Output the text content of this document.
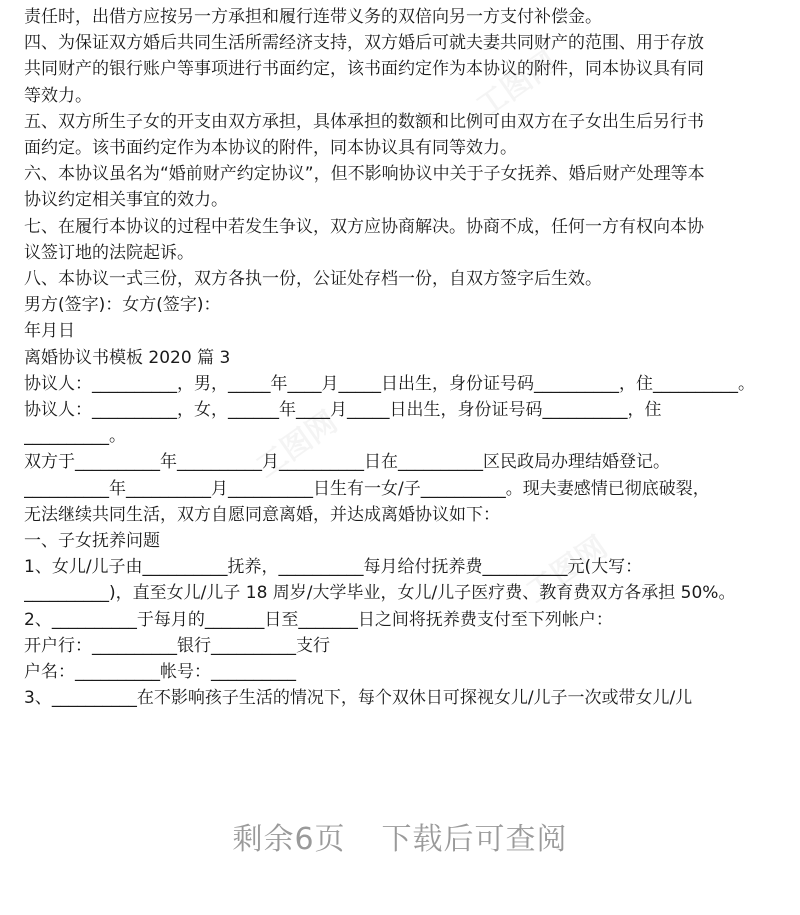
工图网
工图网
工图网
责任时，出借方应按另一方承担和履行连带义务的双倍向另一方支付补偿金。
四、为保证双方婚后共同生活所需经济支持，双方婚后可就夫妻共同财产的范围、用于存放
共同财产的银行账户等事项进行书面约定，该书面约定作为本协议的附件，同本协议具有同
等效力。
五、双方所生子女的开支由双方承担，具体承担的数额和比例可由双方在子女出生后另行书
面约定。该书面约定作为本协议的附件，同本协议具有同等效力。
六、本协议虽名为“婚前财产约定协议”，但不影响协议中关于子女抚养、婚后财产处理等本
协议约定相关事宜的效力。
七、在履行本协议的过程中若发生争议，双方应协商解决。协商不成，任何一方有权向本协
议签订地的法院起诉。
八、本协议一式三份，双方各执一份，公证处存档一份，自双方签字后生效。
男方(签字)：女方(签字)：
年月日
离婚协议书模板 2020 篇 3
协议人：__________，男，_____年____月_____日出生，身份证号码__________，住__________。
协议人：__________，女，______年____月_____日出生，身份证号码__________，住
__________。
双方于__________年__________月__________日在__________区民政局办理结婚登记。
__________年__________月__________日生有一女/子__________。现夫妻感情已彻底破裂，
无法继续共同生活，双方自愿同意离婚，并达成离婚协议如下：
一、子女抚养问题
1、女儿/儿子由__________抚养，__________每月给付抚养费__________元(大写：
__________)，直至女儿/儿子 18 周岁/大学毕业，女儿/儿子医疗费、教育费双方各承担 50%。
2、__________于每月的_______日至_______日之间将抚养费支付至下列帐户：
开户行：__________银行__________支行
户名：__________帐号：__________
3、__________在不影响孩子生活的情况下，每个双休日可探视女儿/儿子一次或带女儿/儿
剩余6页 下载后可查阅
